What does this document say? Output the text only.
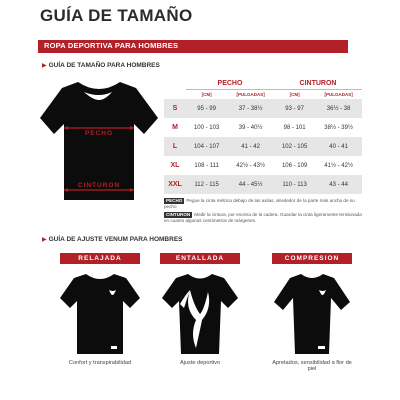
GUÍA DE TAMAÑO
ROPA DEPORTIVA PARA HOMBRES
▶ GUÍA DE TAMAÑO PARA HOMBRES
PECHO
CINTURON
	PECHO		CINTURON	
	[CM]	[PULGADAS]	[CM]	[PULGADAS]
S	95 - 99	37 - 38½	93 - 97	36½ - 38
M	100 - 103	39 - 40½	98 - 101	38½ - 39½
L	104 - 107	41 - 42	102 - 105	40 - 41
XL	108 - 111	42½ - 43½	106 - 109	41½ - 42½
XXL	112 - 115	44 - 45½	110 - 113	43 - 44
PECHO Pegue la cinta métrica debajo de las axilas, alrededor de la parte más ancha de su pecho
CINTURON Medir la cintura, por encima de la cadera. Guardar la cinta ligeramente tensionada en cuanto algunos centímetros de márgenes.
▶ GUÍA DE AJUSTE VENUM PARA HOMBRES
RELAJADA
Confort y transpirabilidad
ENTALLADA
Ajuste deportivo
COMPRESION
Apretados, sensibilidad a flor de piel
